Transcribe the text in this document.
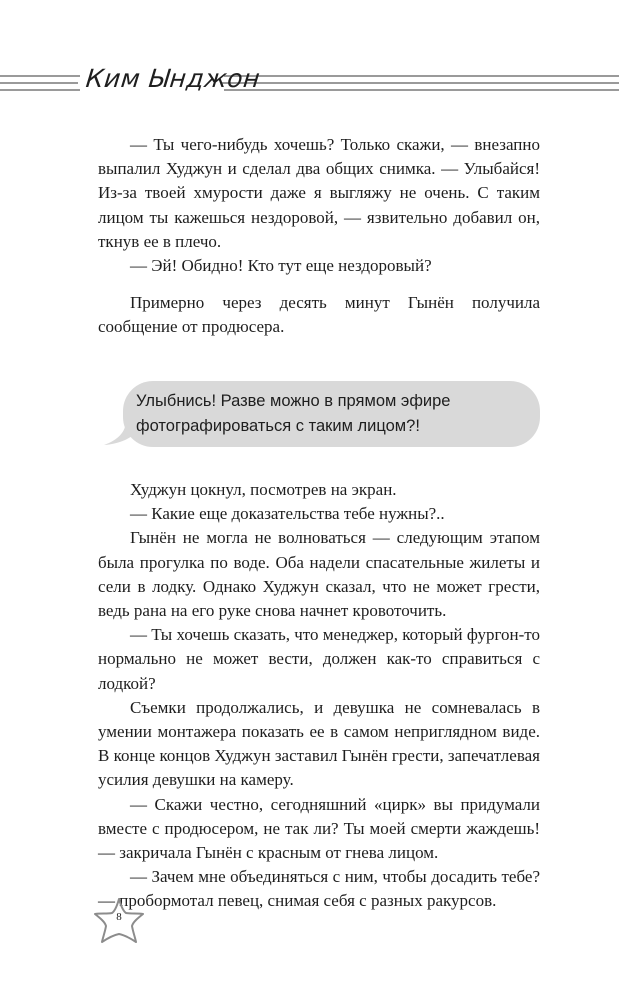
Ким Ынджон

— Ты чего-нибудь хочешь? Только скажи, — внезапно выпалил Худжун и сделал два общих снимка. — Улыбайся! Из-за твоей хмурости даже я выгляжу не очень. С таким лицом ты кажешься нездоровой, — язвительно добавил он, ткнув ее в плечо.

— Эй! Обидно! Кто тут еще нездоровый?

Примерно через десять минут Гынён получила сообщение от продюсера.

Улыбнись! Разве можно в прямом эфире фотографироваться с таким лицом?!

Худжун цокнул, посмотрев на экран.

— Какие еще доказательства тебе нужны?..

Гынён не могла не волноваться — следующим этапом была прогулка по воде. Оба надели спасательные жилеты и сели в лодку. Однако Худжун сказал, что не может грести, ведь рана на его руке снова начнет кровоточить.

— Ты хочешь сказать, что менеджер, который фургон-то нормально не может вести, должен как-то справиться с лодкой?

Съемки продолжались, и девушка не сомневалась в умении монтажера показать ее в самом неприглядном виде. В конце концов Худжун заставил Гынён грести, запечатлевая усилия девушки на камеру.

— Скажи честно, сегодняшний «цирк» вы придумали вместе с продюсером, не так ли? Ты моей смерти жаждешь! — закричала Гынён с красным от гнева лицом.

— Зачем мне объединяться с ним, чтобы досадить тебе? — пробормотал певец, снимая себя с разных ракурсов.

8
